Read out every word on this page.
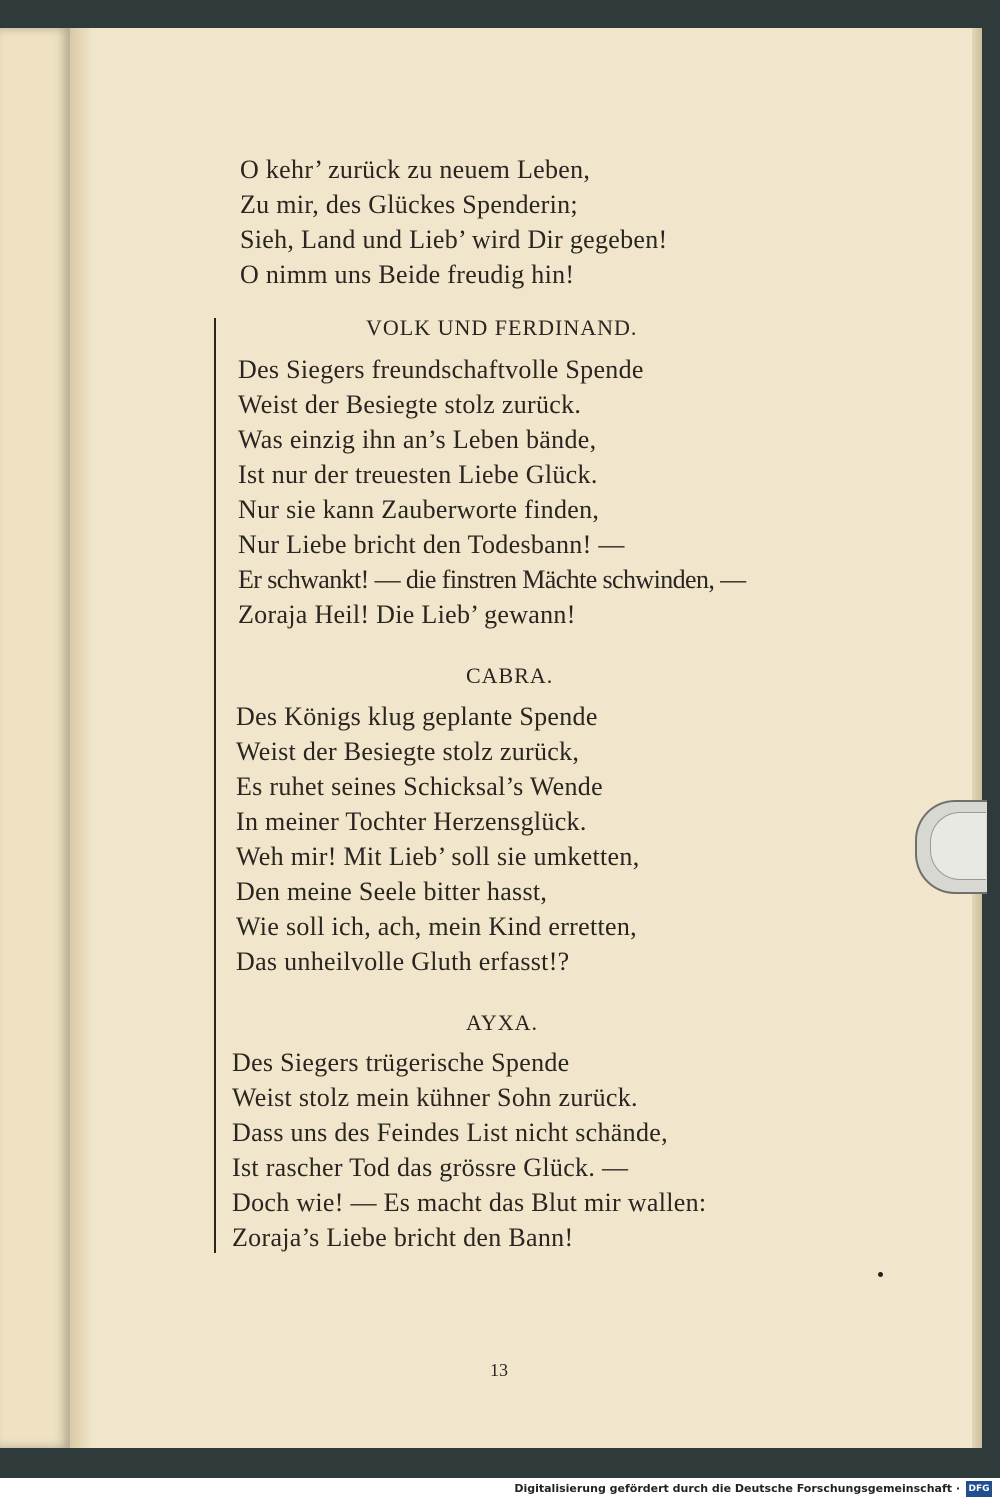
O kehr’ zurück zu neuem Leben,
Zu mir, des Glückes Spenderin;
Sieh, Land und Lieb’ wird Dir gegeben!
O nimm uns Beide freudig hin!
VOLK UND FERDINAND.
Des Siegers freundschaftvolle Spende
Weist der Besiegte stolz zurück.
Was einzig ihn an’s Leben bände,
Ist nur der treuesten Liebe Glück.
Nur sie kann Zauberworte finden,
Nur Liebe bricht den Todesbann! —
Er schwankt! — die finstren Mächte schwinden, —
Zoraja Heil! Die Lieb’ gewann!
CABRA.
Des Königs klug geplante Spende
Weist der Besiegte stolz zurück,
Es ruhet seines Schicksal’s Wende
In meiner Tochter Herzensglück.
Weh mir! Mit Lieb’ soll sie umketten,
Den meine Seele bitter hasst,
Wie soll ich, ach, mein Kind erretten,
Das unheilvolle Gluth erfasst!?
AYXA.
Des Siegers trügerische Spende
Weist stolz mein kühner Sohn zurück.
Dass uns des Feindes List nicht schände,
Ist rascher Tod das grössre Glück. —
Doch wie! — Es macht das Blut mir wallen:
Zoraja’s Liebe bricht den Bann!
13
Digitalisierung gefördert durch die Deutsche Forschungsgemeinschaft · DFG
